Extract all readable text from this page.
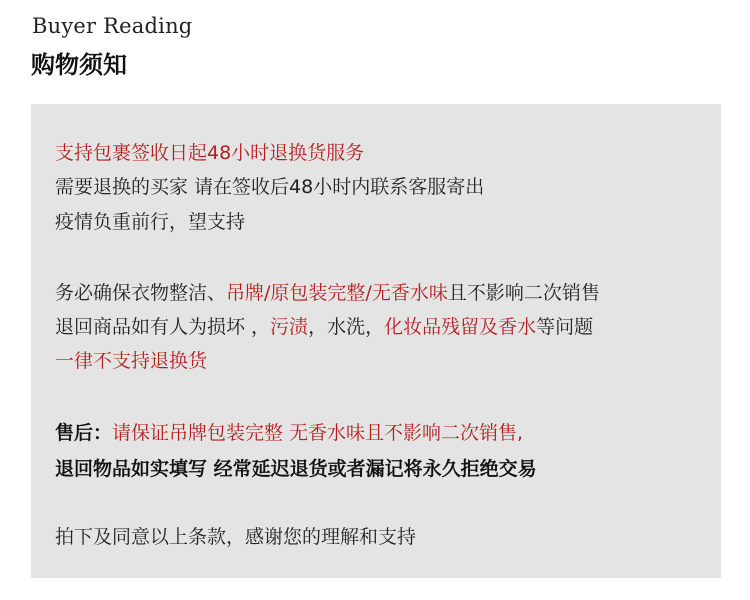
Buyer Reading
购物须知
支持包裹签收日起48小时退换货服务
需要退换的买家 请在签收后48小时内联系客服寄出
疫情负重前行，望支持
务必确保衣物整洁、吊牌/原包装完整/无香水味且不影响二次销售
退回商品如有人为损坏 ，污渍，水洗，化妆品残留及香水等问题
一律不支持退换货
售后：请保证吊牌包装完整 无香水味且不影响二次销售,
退回物品如实填写 经常延迟退货或者漏记将永久拒绝交易
拍下及同意以上条款，感谢您的理解和支持
